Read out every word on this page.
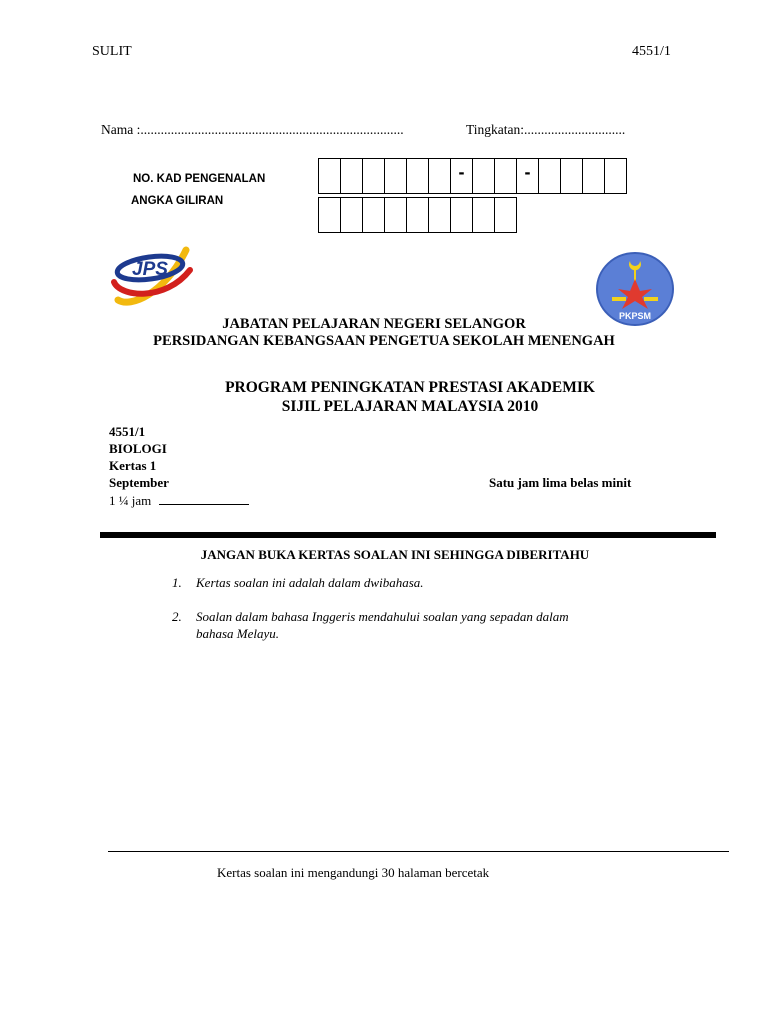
SULIT	4551/1
Nama :..............................................................................	Tingkatan:..............................
NO. KAD PENGENALAN
-
-
ANGKA GILIRAN
JPS
PKPSM
JABATAN PELAJARAN NEGERI SELANGOR
PERSIDANGAN KEBANGSAAN PENGETUA SEKOLAH MENENGAH
PROGRAM PENINGKATAN PRESTASI AKADEMIK
SIJIL PELAJARAN MALAYSIA 2010
4551/1
BIOLOGI
Kertas 1
September	Satu jam lima belas minit
1 ¼ jam
JANGAN BUKA KERTAS SOALAN INI SEHINGGA DIBERITAHU
1. Kertas soalan ini adalah dalam dwibahasa.
2. Soalan dalam bahasa Inggeris mendahului soalan yang sepadan dalam
bahasa Melayu.
Kertas soalan ini mengandungi 30 halaman bercetak
